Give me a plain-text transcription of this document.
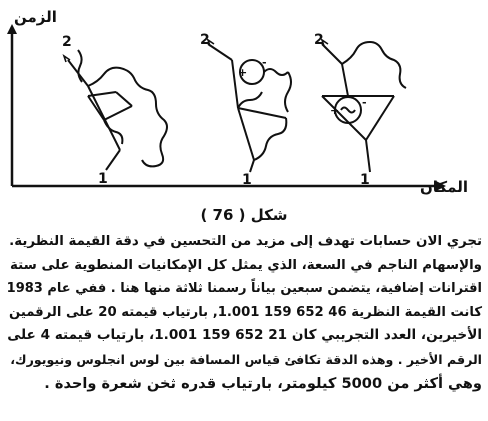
2
1
2
1
+
-
2
1
+
-
الزمن
المكان
شكل ( 76 )
تجري الان حسابات تهدف إلى مزيد من التحسين في دقة القيمة النظرية.
والإسهام الناجم في السعة، الذي يمثل كل الإمكانيات المنطوية على ستة
اقترانات إضافية، يتضمن سبعين بياناً رسمنا ثلاثة منها هنا . ففي عام 1983
كانت القيمة النظرية 46 652 159 1.001, بارتياب قيمته 20 على الرقمين
الأخيرين، العدد التجريبي كان 21 652 159 1.001، بارتياب قيمته 4 على
الرقم الأخير . وهذه الدقة تكافئ قياس المسافة بين لوس انجلوس ونيويورك،
وهي أكثر من 5000 كيلومتر، بارتياب قدره ثخن شعرة واحدة .
